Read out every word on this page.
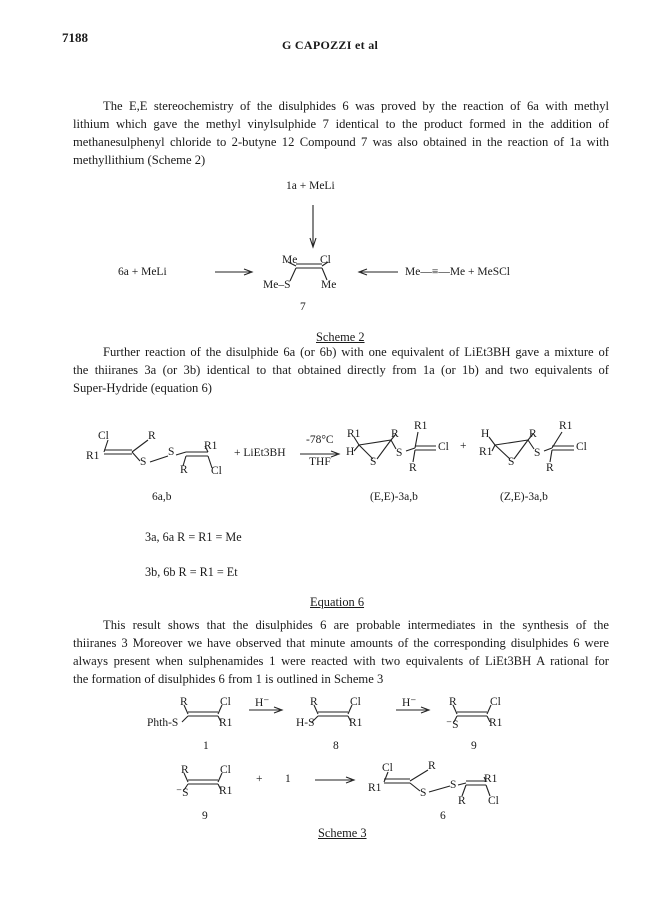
7188	G CAPOZZI et al
The E,E stereochemistry of the disulphides 6 was proved by the reaction of 6a with methyl
lithium which gave the methyl vinylsulphide 7 identical to the product formed in the addition of
methanesulphenyl chloride to 2-butyne 12 Compound 7 was also obtained in the reaction of 1a with
methyllithium (Scheme 2)
1a + MeLi
6a + MeLi	Me—≡—Me + MeSCl
Me Cl
Me–S	Me
7
Scheme 2
Further reaction of the disulphide 6a (or 6b) with one equivalent of LiEt3BH gave a mixture of
the thiiranes 3a (or 3b) identical to that obtained directly from 1a (or 1b) and two equivalents of
Super-Hydride (equation 6)
Cl	R
R1	S
S	R1
R Cl
+ LiEt3BH
-78°C
THF
R1	R
H
S
S
R1
Cl
R
+
H	R
R1
S
S
R1
Cl
R
6a,b	(E,E)-3a,b	(Z,E)-3a,b
3a, 6a R = R1 = Me
3b, 6b R = R1 = Et
Equation 6
This result shows that the disulphides 6 are probable intermediates in the synthesis of the
thiiranes 3 Moreover we have observed that minute amounts of the corresponding disulphides 6 were
always present when sulphenamides 1 were reacted with two equivalents of LiEt3BH A rational for
the formation of disulphides 6 from 1 is outlined in Scheme 3
R	Cl
Phth-S	R1
H⁻	R	Cl
H-S	R1
H⁻	R	Cl
⁻S	R1
1	8	9
R	Cl
⁻S	R1
+ 1
Cl	R
R1	S
S R1
R Cl
9	6
Scheme 3
